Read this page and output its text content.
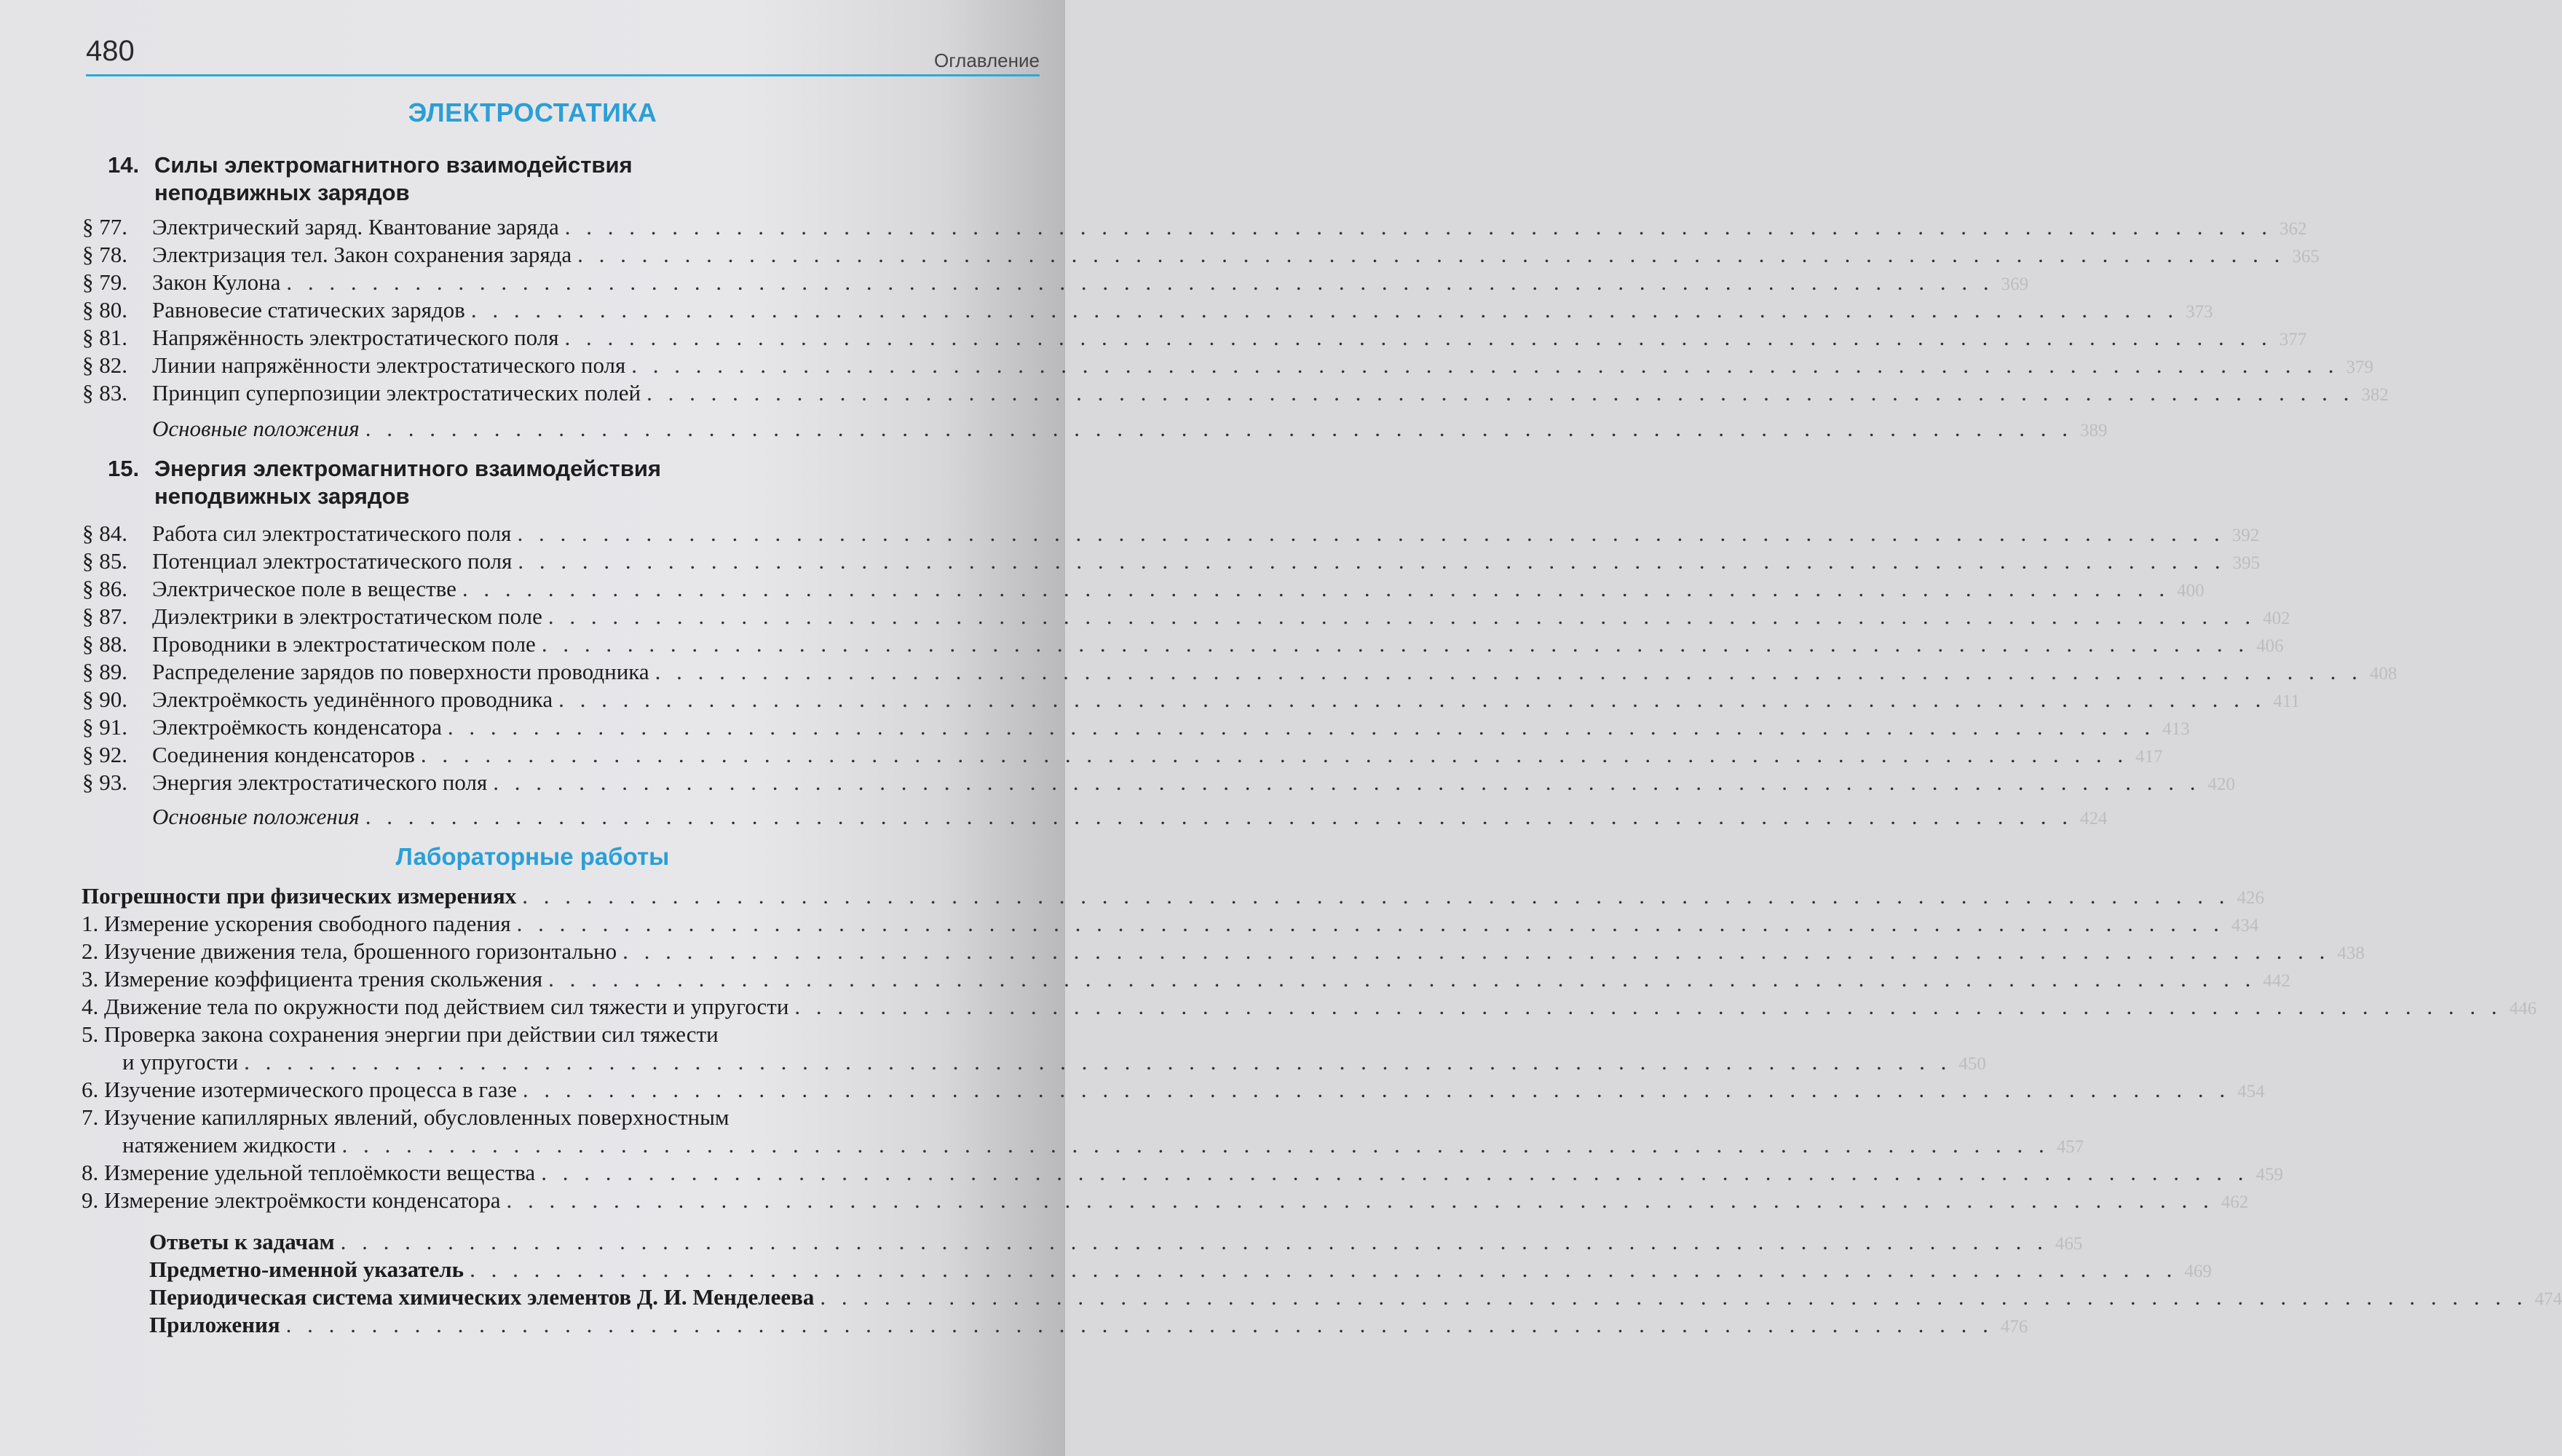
480	Оглавление
ЭЛЕКТРОСТАТИКА
14. Силы электромагнитного взаимодействия
неподвижных зарядов
§ 77.	Электрический заряд. Квантование заряда . . . . . . . . . . . . . . . . . . . . . . . . . . . . . . . . . . . . . . . . . . . . . . . . . . . . . . . . . . . . . . . . . . . . . . . . . . . . . . . . 362
§ 78.	Электризация тел. Закон сохранения заряда . . . . . . . . . . . . . . . . . . . . . . . . . . . . . . . . . . . . . . . . . . . . . . . . . . . . . . . . . . . . . . . . . . . . . . . . . . . . . . . . 365
§ 79.	Закон Кулона . . . . . . . . . . . . . . . . . . . . . . . . . . . . . . . . . . . . . . . . . . . . . . . . . . . . . . . . . . . . . . . . . . . . . . . . . . . . . . . . 369
§ 80.	Равновесие статических зарядов . . . . . . . . . . . . . . . . . . . . . . . . . . . . . . . . . . . . . . . . . . . . . . . . . . . . . . . . . . . . . . . . . . . . . . . . . . . . . . . . 373
§ 81.	Напряжённость электростатического поля . . . . . . . . . . . . . . . . . . . . . . . . . . . . . . . . . . . . . . . . . . . . . . . . . . . . . . . . . . . . . . . . . . . . . . . . . . . . . . . . 377
§ 82.	Линии напряжённости электростатического поля . . . . . . . . . . . . . . . . . . . . . . . . . . . . . . . . . . . . . . . . . . . . . . . . . . . . . . . . . . . . . . . . . . . . . . . . . . . . . . . . 379
§ 83.	Принцип суперпозиции электростатических полей . . . . . . . . . . . . . . . . . . . . . . . . . . . . . . . . . . . . . . . . . . . . . . . . . . . . . . . . . . . . . . . . . . . . . . . . . . . . . . . . 382
Основные положения . . . . . . . . . . . . . . . . . . . . . . . . . . . . . . . . . . . . . . . . . . . . . . . . . . . . . . . . . . . . . . . . . . . . . . . . . . . . . . . . 389
15. Энергия электромагнитного взаимодействия
неподвижных зарядов
§ 84.	Работа сил электростатического поля . . . . . . . . . . . . . . . . . . . . . . . . . . . . . . . . . . . . . . . . . . . . . . . . . . . . . . . . . . . . . . . . . . . . . . . . . . . . . . . . 392
§ 85.	Потенциал электростатического поля . . . . . . . . . . . . . . . . . . . . . . . . . . . . . . . . . . . . . . . . . . . . . . . . . . . . . . . . . . . . . . . . . . . . . . . . . . . . . . . . 395
§ 86.	Электрическое поле в веществе . . . . . . . . . . . . . . . . . . . . . . . . . . . . . . . . . . . . . . . . . . . . . . . . . . . . . . . . . . . . . . . . . . . . . . . . . . . . . . . . 400
§ 87.	Диэлектрики в электростатическом поле . . . . . . . . . . . . . . . . . . . . . . . . . . . . . . . . . . . . . . . . . . . . . . . . . . . . . . . . . . . . . . . . . . . . . . . . . . . . . . . . 402
§ 88.	Проводники в электростатическом поле . . . . . . . . . . . . . . . . . . . . . . . . . . . . . . . . . . . . . . . . . . . . . . . . . . . . . . . . . . . . . . . . . . . . . . . . . . . . . . . . 406
§ 89.	Распределение зарядов по поверхности проводника . . . . . . . . . . . . . . . . . . . . . . . . . . . . . . . . . . . . . . . . . . . . . . . . . . . . . . . . . . . . . . . . . . . . . . . . . . . . . . . . 408
§ 90.	Электроёмкость уединённого проводника . . . . . . . . . . . . . . . . . . . . . . . . . . . . . . . . . . . . . . . . . . . . . . . . . . . . . . . . . . . . . . . . . . . . . . . . . . . . . . . . 411
§ 91.	Электроёмкость конденсатора . . . . . . . . . . . . . . . . . . . . . . . . . . . . . . . . . . . . . . . . . . . . . . . . . . . . . . . . . . . . . . . . . . . . . . . . . . . . . . . . 413
§ 92.	Соединения конденсаторов . . . . . . . . . . . . . . . . . . . . . . . . . . . . . . . . . . . . . . . . . . . . . . . . . . . . . . . . . . . . . . . . . . . . . . . . . . . . . . . . 417
§ 93.	Энергия электростатического поля . . . . . . . . . . . . . . . . . . . . . . . . . . . . . . . . . . . . . . . . . . . . . . . . . . . . . . . . . . . . . . . . . . . . . . . . . . . . . . . . 420
Основные положения . . . . . . . . . . . . . . . . . . . . . . . . . . . . . . . . . . . . . . . . . . . . . . . . . . . . . . . . . . . . . . . . . . . . . . . . . . . . . . . . 424
Лабораторные работы
Погрешности при физических измерениях . . . . . . . . . . . . . . . . . . . . . . . . . . . . . . . . . . . . . . . . . . . . . . . . . . . . . . . . . . . . . . . . . . . . . . . . . . . . . . . . 426
1. Измерение ускорения свободного падения . . . . . . . . . . . . . . . . . . . . . . . . . . . . . . . . . . . . . . . . . . . . . . . . . . . . . . . . . . . . . . . . . . . . . . . . . . . . . . . . 434
2. Изучение движения тела, брошенного горизонтально . . . . . . . . . . . . . . . . . . . . . . . . . . . . . . . . . . . . . . . . . . . . . . . . . . . . . . . . . . . . . . . . . . . . . . . . . . . . . . . . 438
3. Измерение коэффициента трения скольжения . . . . . . . . . . . . . . . . . . . . . . . . . . . . . . . . . . . . . . . . . . . . . . . . . . . . . . . . . . . . . . . . . . . . . . . . . . . . . . . . 442
4. Движение тела по окружности под действием сил тяжести и упругости . . . . . . . . . . . . . . . . . . . . . . . . . . . . . . . . . . . . . . . . . . . . . . . . . . . . . . . . . . . . . . . . . . . . . . . . . . . . . . . . 446
5. Проверка закона сохранения энергии при действии сил тяжести
и упругости . . . . . . . . . . . . . . . . . . . . . . . . . . . . . . . . . . . . . . . . . . . . . . . . . . . . . . . . . . . . . . . . . . . . . . . . . . . . . . . . 450
6. Изучение изотермического процесса в газе . . . . . . . . . . . . . . . . . . . . . . . . . . . . . . . . . . . . . . . . . . . . . . . . . . . . . . . . . . . . . . . . . . . . . . . . . . . . . . . . 454
7. Изучение капиллярных явлений, обусловленных поверхностным
натяжением жидкости . . . . . . . . . . . . . . . . . . . . . . . . . . . . . . . . . . . . . . . . . . . . . . . . . . . . . . . . . . . . . . . . . . . . . . . . . . . . . . . . 457
8. Измерение удельной теплоёмкости вещества . . . . . . . . . . . . . . . . . . . . . . . . . . . . . . . . . . . . . . . . . . . . . . . . . . . . . . . . . . . . . . . . . . . . . . . . . . . . . . . . 459
9. Измерение электроёмкости конденсатора . . . . . . . . . . . . . . . . . . . . . . . . . . . . . . . . . . . . . . . . . . . . . . . . . . . . . . . . . . . . . . . . . . . . . . . . . . . . . . . . 462
Ответы к задачам . . . . . . . . . . . . . . . . . . . . . . . . . . . . . . . . . . . . . . . . . . . . . . . . . . . . . . . . . . . . . . . . . . . . . . . . . . . . . . . . 465
Предметно-именной указатель . . . . . . . . . . . . . . . . . . . . . . . . . . . . . . . . . . . . . . . . . . . . . . . . . . . . . . . . . . . . . . . . . . . . . . . . . . . . . . . . 469
Периодическая система химических элементов Д. И. Менделеева . . . . . . . . . . . . . . . . . . . . . . . . . . . . . . . . . . . . . . . . . . . . . . . . . . . . . . . . . . . . . . . . . . . . . . . . . . . . . . . . 474
Приложения . . . . . . . . . . . . . . . . . . . . . . . . . . . . . . . . . . . . . . . . . . . . . . . . . . . . . . . . . . . . . . . . . . . . . . . . . . . . . . . . 476
